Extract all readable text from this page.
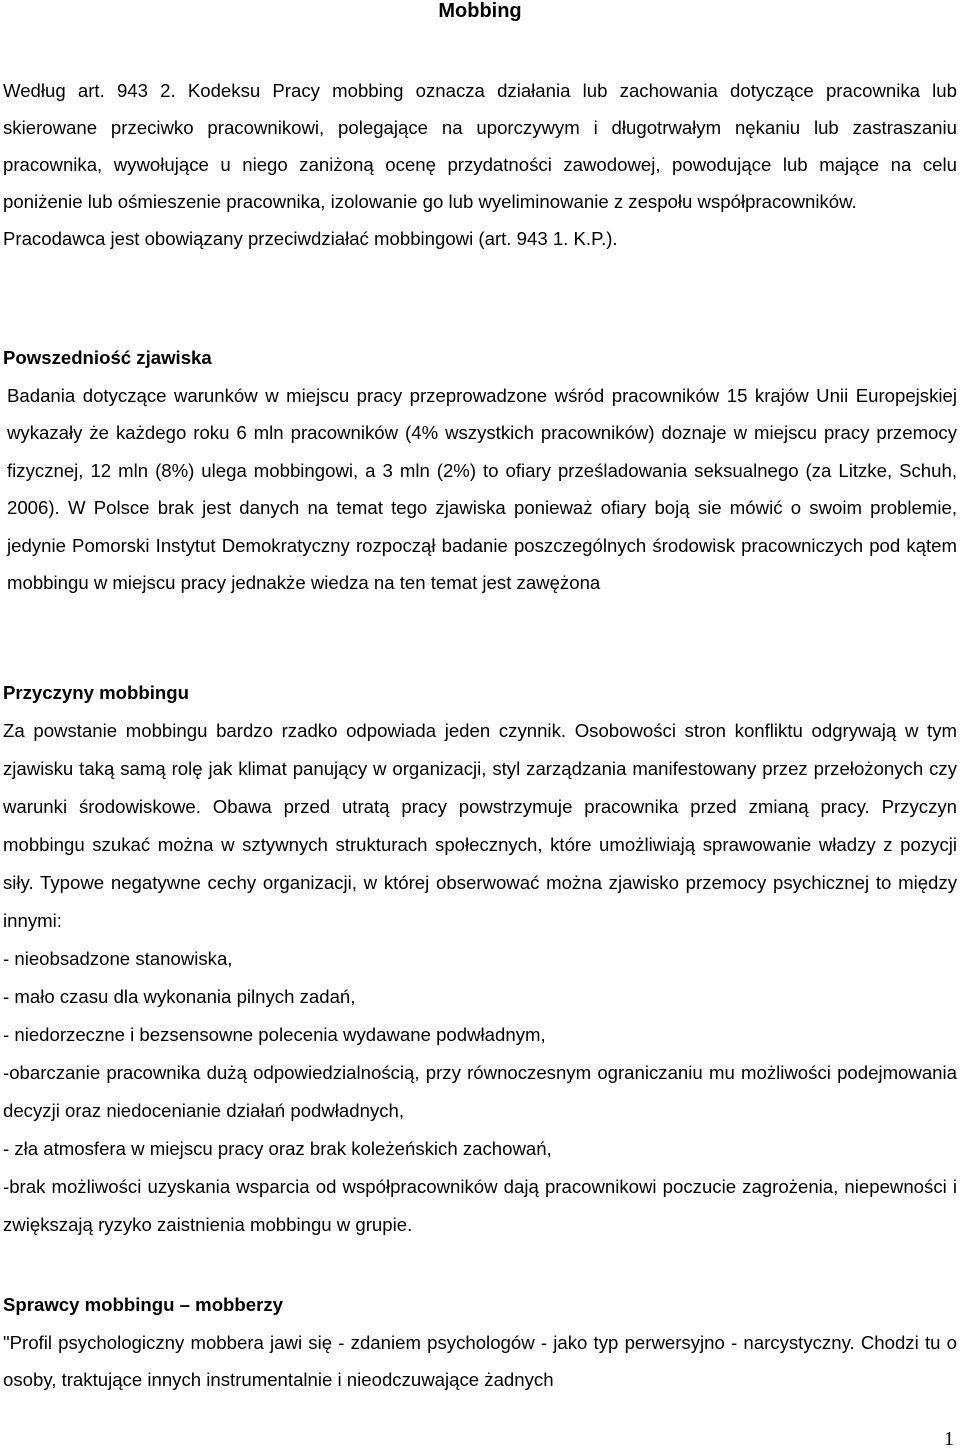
Mobbing

Według art. 943 2. Kodeksu Pracy mobbing oznacza działania lub zachowania dotyczące pracownika lub skierowane przeciwko pracownikowi, polegające na uporczywym i długotrwałym nękaniu lub zastraszaniu pracownika, wywołujące u niego zaniżoną ocenę przydatności zawodowej, powodujące lub mające na celu poniżenie lub ośmieszenie pracownika, izolowanie go lub wyeliminowanie z zespołu współpracowników.

Pracodawca jest obowiązany przeciwdziałać mobbingowi (art. 943 1. K.P.).

Powszedniość zjawiska

Badania dotyczące warunków w miejscu pracy przeprowadzone wśród pracowników 15 krajów Unii Europejskiej wykazały że każdego roku 6 mln pracowników (4% wszystkich pracowników) doznaje w miejscu pracy przemocy fizycznej, 12 mln (8%) ulega mobbingowi, a 3 mln (2%) to ofiary prześladowania seksualnego (za Litzke, Schuh, 2006). W Polsce brak jest danych na temat tego zjawiska ponieważ ofiary boją sie mówić o swoim problemie, jedynie Pomorski Instytut Demokratyczny rozpoczął badanie poszczególnych środowisk pracowniczych pod kątem mobbingu w miejscu pracy jednakże wiedza na ten temat jest zawężona

Przyczyny mobbingu

Za powstanie mobbingu bardzo rzadko odpowiada jeden czynnik. Osobowości stron konfliktu odgrywają w tym zjawisku taką samą rolę jak klimat panujący w organizacji, styl zarządzania manifestowany przez przełożonych czy warunki środowiskowe. Obawa przed utratą pracy powstrzymuje pracownika przed zmianą pracy. Przyczyn mobbingu szukać można w sztywnych strukturach społecznych, które umożliwiają sprawowanie władzy z pozycji siły. Typowe negatywne cechy organizacji, w której obserwować można zjawisko przemocy psychicznej to między innymi:

- nieobsadzone stanowiska,

- mało czasu dla wykonania pilnych zadań,

- niedorzeczne i bezsensowne polecenia wydawane podwładnym,

-obarczanie pracownika dużą odpowiedzialnością, przy równoczesnym ograniczaniu mu możliwości podejmowania decyzji oraz niedocenianie działań podwładnych,

- zła atmosfera w miejscu pracy oraz brak koleżeńskich zachowań,

-brak możliwości uzyskania wsparcia od współpracowników dają pracownikowi poczucie zagrożenia, niepewności i zwiększają ryzyko zaistnienia mobbingu w grupie.

Sprawcy mobbingu – mobberzy

"Profil psychologiczny mobbera jawi się - zdaniem psychologów - jako typ perwersyjno - narcystyczny. Chodzi tu o osoby, traktujące innych instrumentalnie i nieodczuwające żadnych

1
